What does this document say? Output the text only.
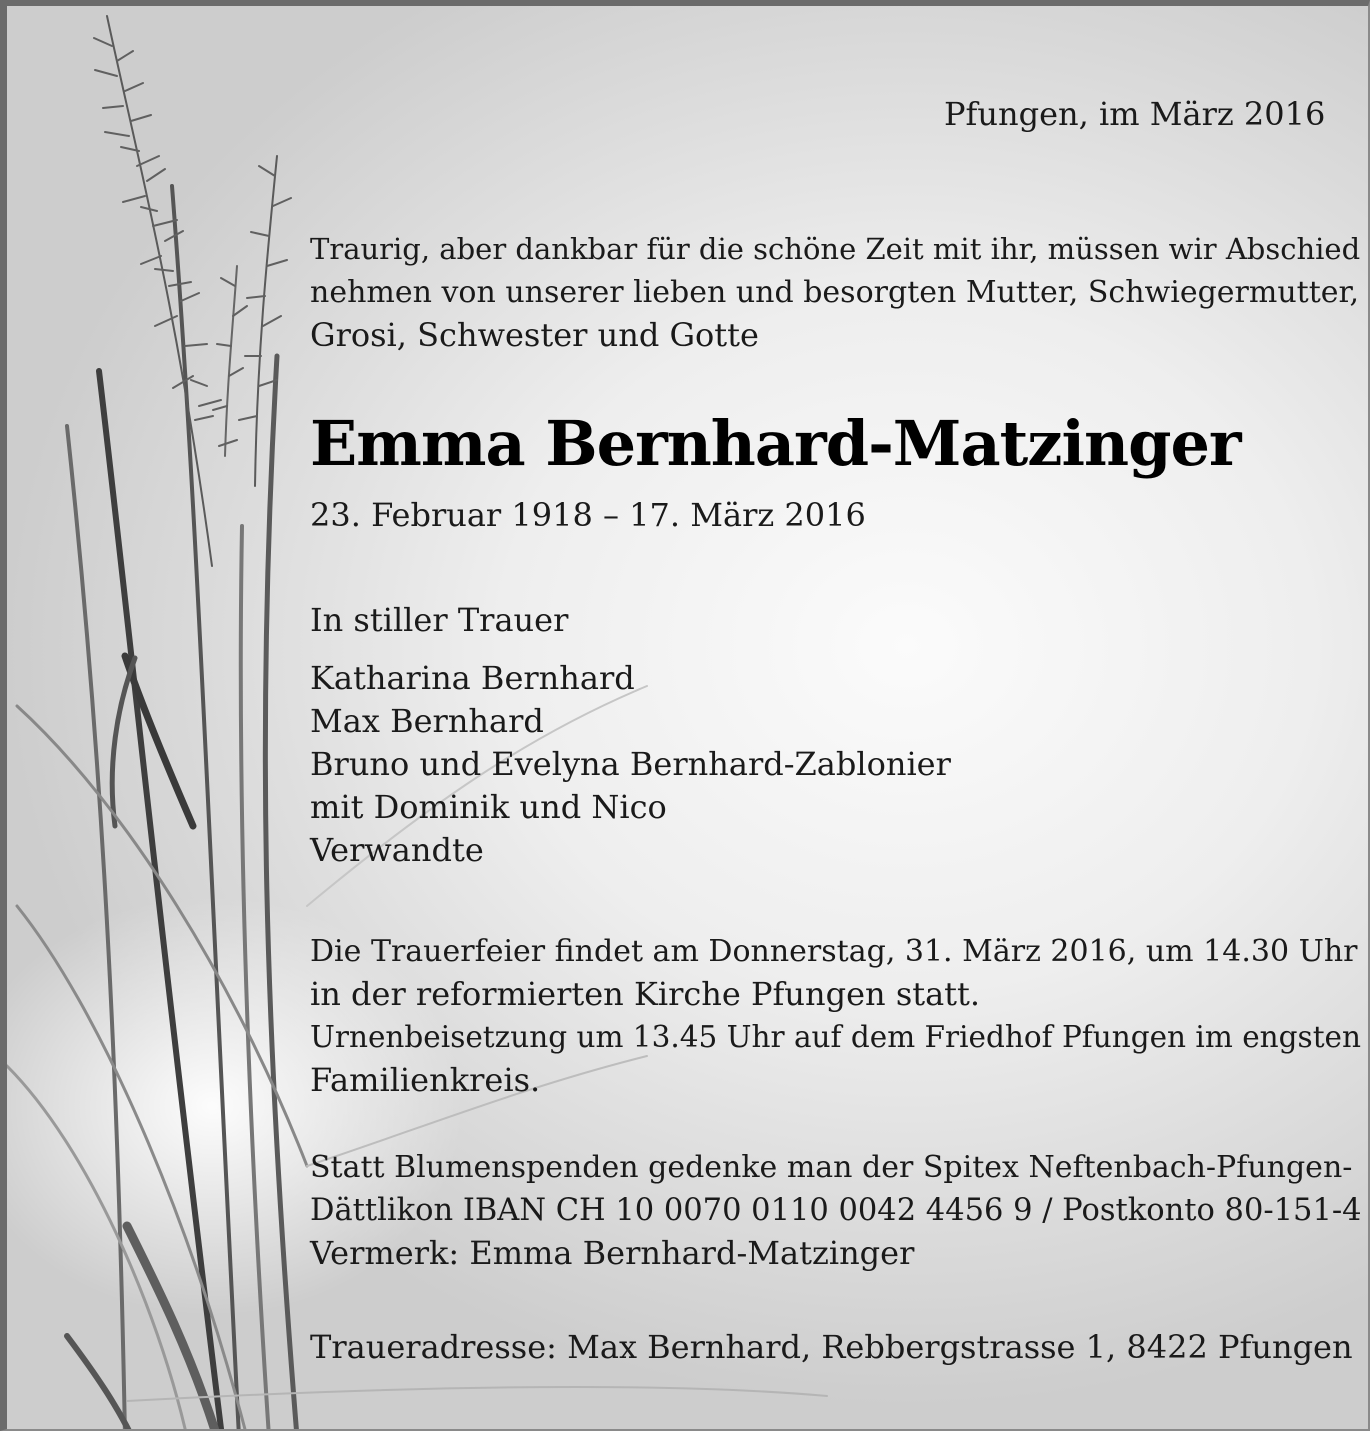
Pfungen, im März 2016

Traurig, aber dankbar für die schöne Zeit mit ihr, müssen wir Abschied

nehmen von unserer lieben und besorgten Mutter, Schwiegermutter,

Grosi, Schwester und Gotte

Emma Bernhard-Matzinger

23. Februar 1918 – 17. März 2016

In stiller Trauer

Katharina Bernhard

Max Bernhard

Bruno und Evelyna Bernhard-Zablonier

mit Dominik und Nico

Verwandte

Die Trauerfeier findet am Donnerstag, 31. März 2016, um 14.30 Uhr

in der reformierten Kirche Pfungen statt.

Urnenbeisetzung um 13.45 Uhr auf dem Friedhof Pfungen im engsten

Familienkreis.

Statt Blumenspenden gedenke man der Spitex Neftenbach-Pfungen-

Dättlikon IBAN CH 10 0070 0110 0042 4456 9 / Postkonto 80-151-4

Vermerk: Emma Bernhard-Matzinger

Traueradresse: Max Bernhard, Rebbergstrasse 1, 8422 Pfungen
